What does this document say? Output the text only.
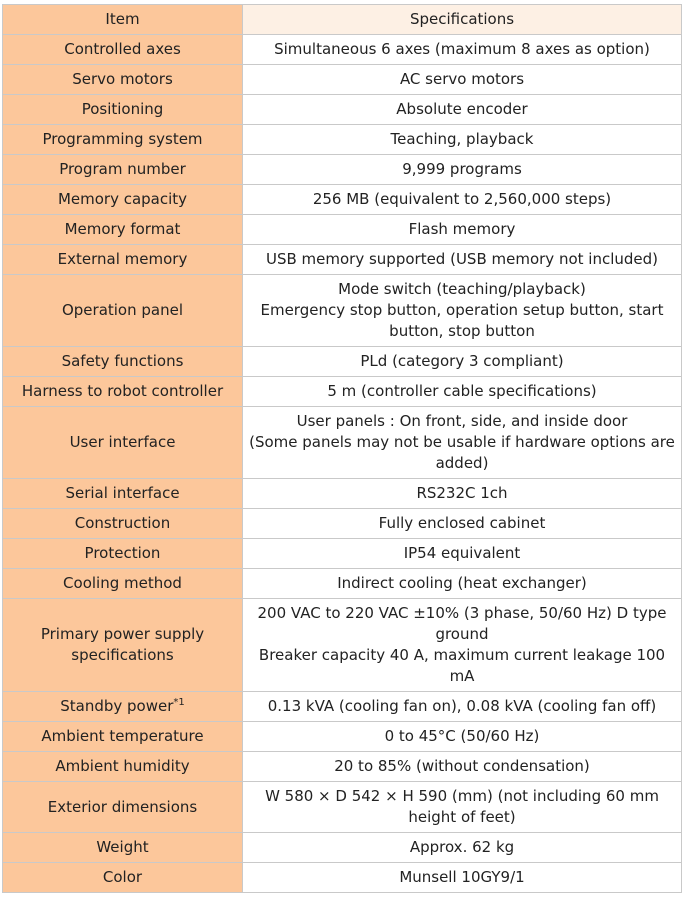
Item	Specifications
Controlled axes	Simultaneous 6 axes (maximum 8 axes as option)

Servo motors	AC servo motors

Positioning	Absolute encoder

Programming system	Teaching, playback

Program number	9,999 programs

Memory capacity	256 MB (equivalent to 2,560,000 steps)

Memory format	Flash memory

External memory	USB memory supported (USB memory not included)

Operation panel	Mode switch (teaching/playback)
Emergency stop button, operation setup button, start button, stop button

Safety functions	PLd (category 3 compliant)

Harness to robot controller	5 m (controller cable specifications)

User interface	User panels : On front, side, and inside door
(Some panels may not be usable if hardware options are added)

Serial interface	RS232C 1ch

Construction	Fully enclosed cabinet

Protection	IP54 equivalent

Cooling method	Indirect cooling (heat exchanger)

Primary power supply specifications	200 VAC to 220 VAC ±10% (3 phase, 50/60 Hz) D type ground
Breaker capacity 40 A, maximum current leakage 100 mA

Standby power$^{*1}$	0.13 kVA (cooling fan on), 0.08 kVA (cooling fan off)

Ambient temperature	0 to 45°C (50/60 Hz)

Ambient humidity	20 to 85% (without condensation)

Exterior dimensions	W 580 × D 542 × H 590 (mm) (not including 60 mm height of feet)

Weight	Approx. 62 kg

Color	Munsell 10GY9/1
